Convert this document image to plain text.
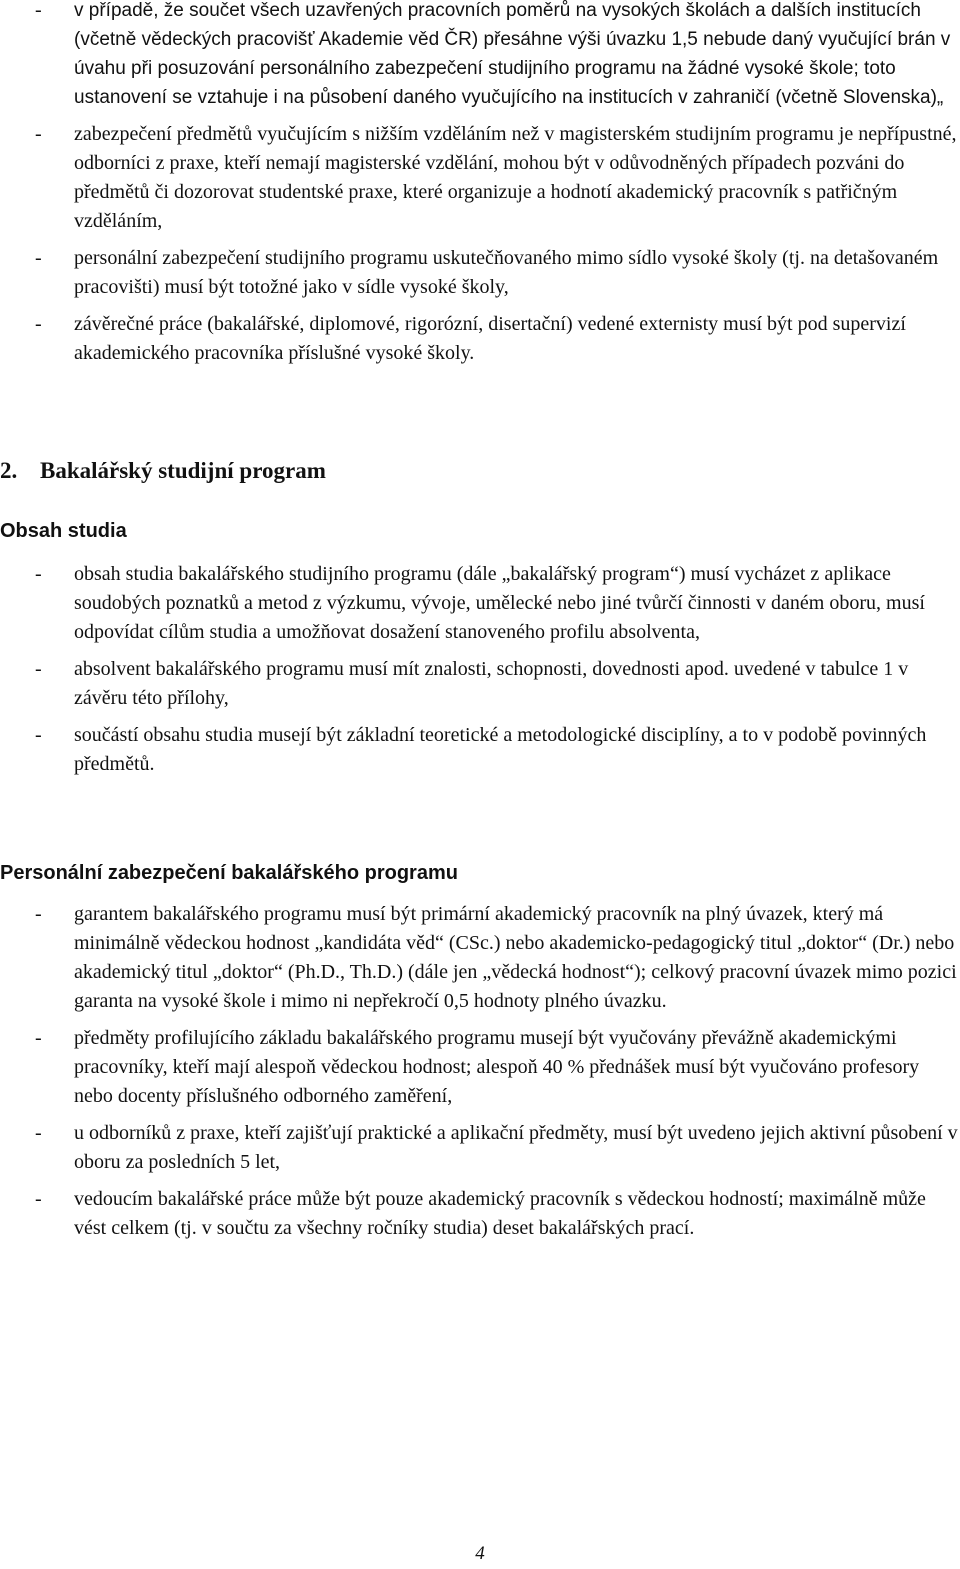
- v případě, že součet všech uzavřených pracovních poměrů na vysokých školách a dalších institucích (včetně vědeckých pracovišť Akademie věd ČR) přesáhne výši úvazku 1,5 nebude daný vyučující brán v úvahu při posuzování personálního zabezpečení studijního programu na žádné vysoké škole; toto ustanovení se vztahuje i na působení daného vyučujícího na institucích v zahraničí (včetně Slovenska)„
- zabezpečení předmětů vyučujícím s nižším vzděláním než v magisterském studijním programu je nepřípustné, odborníci z praxe, kteří nemají magisterské vzdělání, mohou být v odůvodněných případech pozváni do předmětů či dozorovat studentské praxe, které organizuje a hodnotí akademický pracovník s patřičným vzděláním,
- personální zabezpečení studijního programu uskutečňovaného mimo sídlo vysoké školy (tj. na detašovaném pracovišti) musí být totožné jako v sídle vysoké školy,
- závěrečné práce (bakalářské, diplomové, rigorózní, disertační) vedené externisty musí být pod supervizí akademického pracovníka příslušné vysoké školy.
2. Bakalářský studijní program
Obsah studia
- obsah studia bakalářského studijního programu (dále „bakalářský program“) musí vycházet z aplikace soudobých poznatků a metod z výzkumu, vývoje, umělecké nebo jiné tvůrčí činnosti v daném oboru, musí odpovídat cílům studia a umožňovat dosažení stanoveného profilu absolventa,
- absolvent bakalářského programu musí mít znalosti, schopnosti, dovednosti apod. uvedené v tabulce 1 v závěru této přílohy,
- součástí obsahu studia musejí být základní teoretické a metodologické disciplíny, a to v podobě povinných předmětů.
Personální zabezpečení bakalářského programu
- garantem bakalářského programu musí být primární akademický pracovník na plný úvazek, který má minimálně vědeckou hodnost „kandidáta věd“ (CSc.) nebo akademicko-pedagogický titul „doktor“ (Dr.) nebo akademický titul „doktor“ (Ph.D., Th.D.) (dále jen „vědecká hodnost“); celkový pracovní úvazek mimo pozici garanta na vysoké škole i mimo ni nepřekročí 0,5 hodnoty plného úvazku.
- předměty profilujícího základu bakalářského programu musejí být vyučovány převážně akademickými pracovníky, kteří mají alespoň vědeckou hodnost; alespoň 40 % přednášek musí být vyučováno profesory nebo docenty příslušného odborného zaměření,
- u odborníků z praxe, kteří zajišťují praktické a aplikační předměty, musí být uvedeno jejich aktivní působení v oboru za posledních 5 let,
- vedoucím bakalářské práce může být pouze akademický pracovník s vědeckou hodností; maximálně může vést celkem (tj. v součtu za všechny ročníky studia) deset bakalářských prací.
4
